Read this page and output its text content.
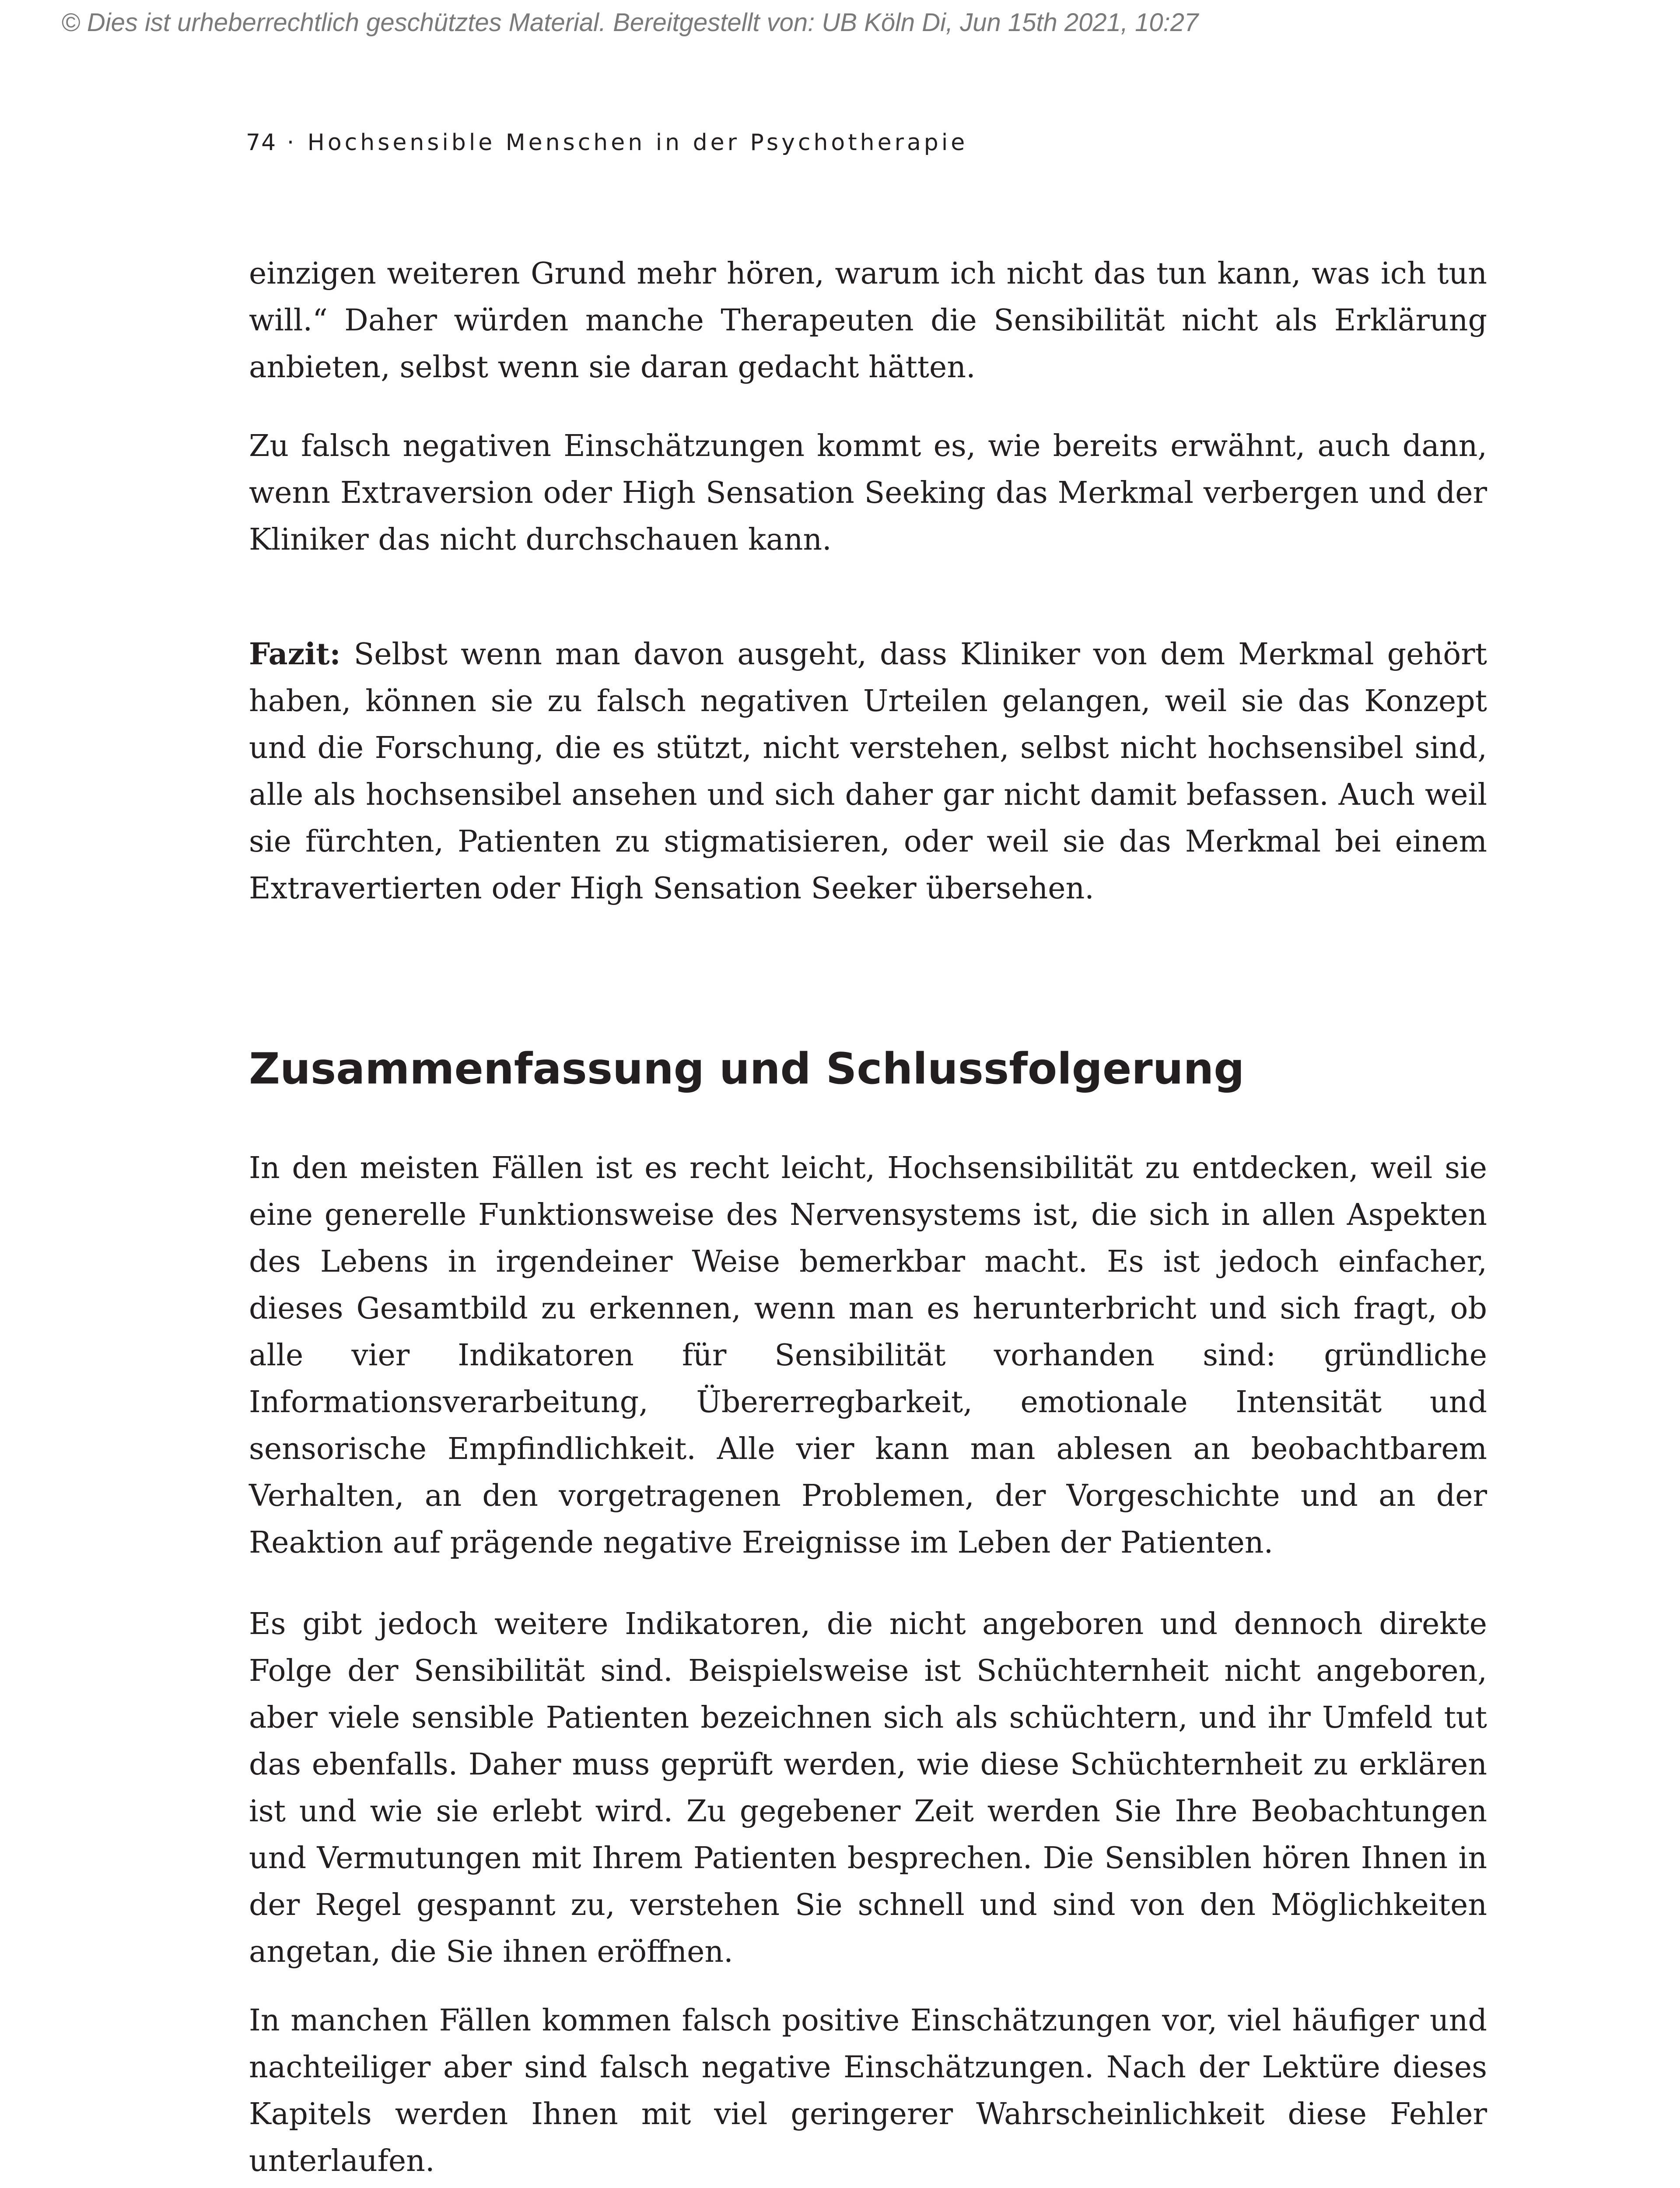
© Dies ist urheberrechtlich geschütztes Material. Bereitgestellt von: UB Köln Di, Jun 15th 2021, 10:27
74 · Hochsensible Menschen in der Psychotherapie

einzigen weiteren Grund mehr hören, warum ich nicht das tun kann, was ich tun will.“ Daher würden manche Therapeuten die Sensibilität nicht als Erklärung anbieten, selbst wenn sie daran gedacht hätten.

Zu falsch negativen Einschätzungen kommt es, wie bereits erwähnt, auch dann, wenn Extraversion oder High Sensation Seeking das Merkmal verbergen und der Kliniker das nicht durchschauen kann.

Fazit: Selbst wenn man davon ausgeht, dass Kliniker von dem Merkmal gehört haben, können sie zu falsch negativen Urteilen gelangen, weil sie das Konzept und die Forschung, die es stützt, nicht verstehen, selbst nicht hochsensibel sind, alle als hochsensibel ansehen und sich daher gar nicht damit befassen. Auch weil sie fürchten, Patienten zu stigmatisieren, oder weil sie das Merkmal bei einem Extravertierten oder High Sensation Seeker übersehen.

Zusammenfassung und Schlussfolgerung

In den meisten Fällen ist es recht leicht, Hochsensibilität zu entdecken, weil sie eine generelle Funktionsweise des Nervensystems ist, die sich in allen Aspekten des Lebens in irgendeiner Weise bemerkbar macht. Es ist jedoch einfacher, dieses Gesamtbild zu erkennen, wenn man es herunterbricht und sich fragt, ob alle vier Indikatoren für Sensibilität vorhanden sind: gründliche Informationsverarbeitung, Übererregbarkeit, emotionale Intensität und sensorische Empfindlichkeit. Alle vier kann man ablesen an beobachtbarem Verhalten, an den vorgetragenen Problemen, der Vorgeschichte und an der Reaktion auf prägende negative Ereignisse im Leben der Patienten.

Es gibt jedoch weitere Indikatoren, die nicht angeboren und dennoch direkte Folge der Sensibilität sind. Beispielsweise ist Schüchternheit nicht angeboren, aber viele sensible Patienten bezeichnen sich als schüchtern, und ihr Umfeld tut das ebenfalls. Daher muss geprüft werden, wie diese Schüchternheit zu erklären ist und wie sie erlebt wird. Zu gegebener Zeit werden Sie Ihre Beobachtungen und Vermutungen mit Ihrem Patienten besprechen. Die Sensiblen hören Ihnen in der Regel gespannt zu, verstehen Sie schnell und sind von den Möglichkeiten angetan, die Sie ihnen eröffnen.

In manchen Fällen kommen falsch positive Einschätzungen vor, viel häufiger und nachteiliger aber sind falsch negative Einschätzungen. Nach der Lektüre dieses Kapitels werden Ihnen mit viel geringerer Wahrscheinlichkeit diese Fehler unterlaufen.
